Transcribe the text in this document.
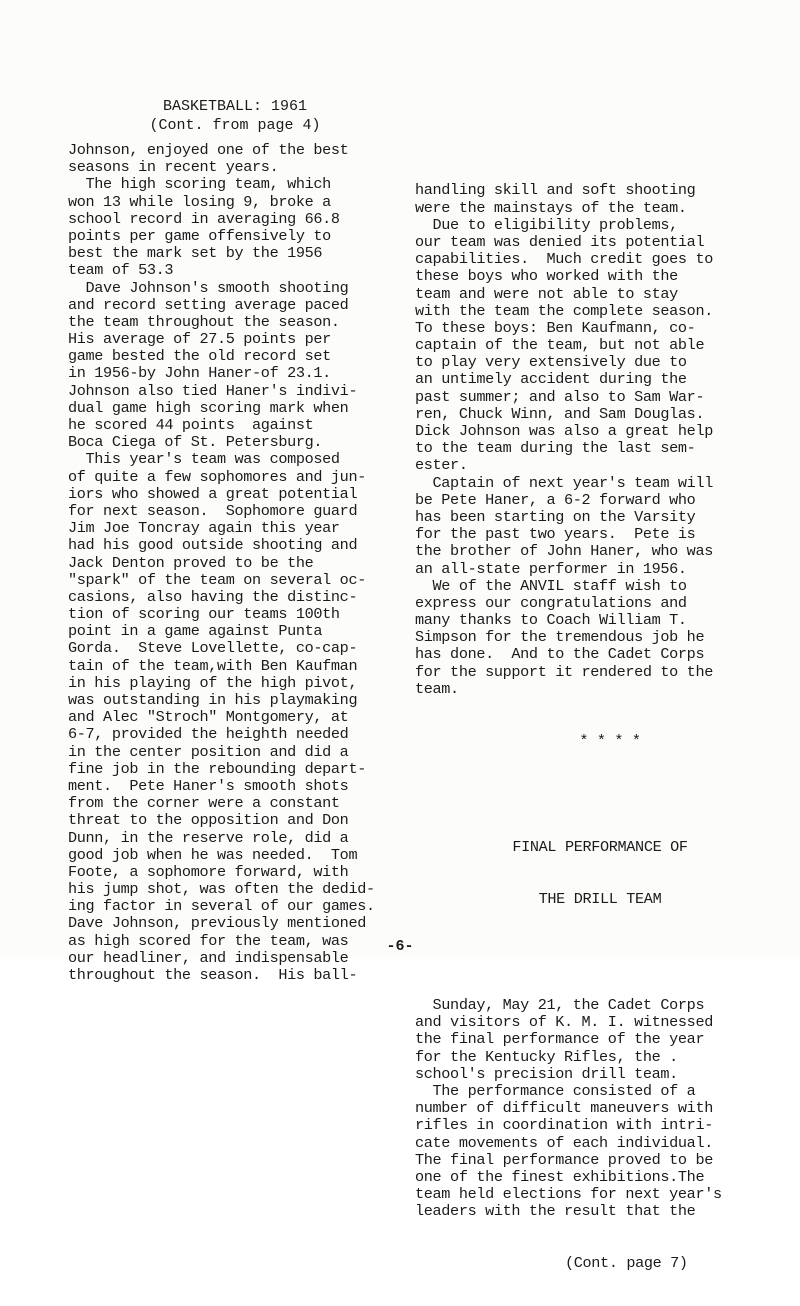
BASKETBALL: 1961
(Cont. from page 4)
Johnson, enjoyed one of the best
seasons in recent years.
The high scoring team, which
won 13 while losing 9, broke a
school record in averaging 66.8
points per game offensively to
best the mark set by the 1956
team of 53.3
Dave Johnson's smooth shooting
and record setting average paced
the team throughout the season.
His average of 27.5 points per
game bested the old record set
in 1956-by John Haner-of 23.1.
Johnson also tied Haner's indivi-
dual game high scoring mark when
he scored 44 points  against
Boca Ciega of St. Petersburg.
This year's team was composed
of quite a few sophomores and jun-
iors who showed a great potential
for next season.  Sophomore guard
Jim Joe Toncray again this year
had his good outside shooting and
Jack Denton proved to be the
"spark" of the team on several oc-
casions, also having the distinc-
tion of scoring our teams 100th
point in a game against Punta
Gorda.  Steve Lovellette, co-cap-
tain of the team,with Ben Kaufman
in his playing of the high pivot,
was outstanding in his playmaking
and Alec "Stroch" Montgomery, at
6-7, provided the heighth needed
in the center position and did a
fine job in the rebounding depart-
ment.  Pete Haner's smooth shots
from the corner were a constant
threat to the opposition and Don
Dunn, in the reserve role, did a
good job when he was needed.  Tom
Foote, a sophomore forward, with
his jump shot, was often the dedid-
ing factor in several of our games.
Dave Johnson, previously mentioned
as high scored for the team, was
our headliner, and indispensable
throughout the season.  His ball-

handling skill and soft shooting
were the mainstays of the team.
Due to eligibility problems,
our team was denied its potential
capabilities.  Much credit goes to
these boys who worked with the
team and were not able to stay
with the team the complete season.
To these boys: Ben Kaufmann, co-
captain of the team, but not able
to play very extensively due to
an untimely accident during the
past summer; and also to Sam War-
ren, Chuck Winn, and Sam Douglas.
Dick Johnson was also a great help
to the team during the last sem-
ester.
Captain of next year's team will
be Pete Haner, a 6-2 forward who
has been starting on the Varsity
for the past two years.  Pete is
the brother of John Haner, who was
an all-state performer in 1956.
We of the ANVIL staff wish to
express our congratulations and
many thanks to Coach William T.
Simpson for the tremendous job he
has done.  And to the Cadet Corps
for the support it rendered to the
team.

* * * *

FINAL PERFORMANCE OF

THE DRILL TEAM

Sunday, May 21, the Cadet Corps
and visitors of K. M. I. witnessed
the final performance of the year
for the Kentucky Rifles, the .
school's precision drill team.
The performance consisted of a
number of difficult maneuvers with
rifles in coordination with intri-
cate movements of each individual.
The final performance proved to be
one of the finest exhibitions.The
team held elections for next year's
leaders with the result that the

(Cont. page 7)

-6-
